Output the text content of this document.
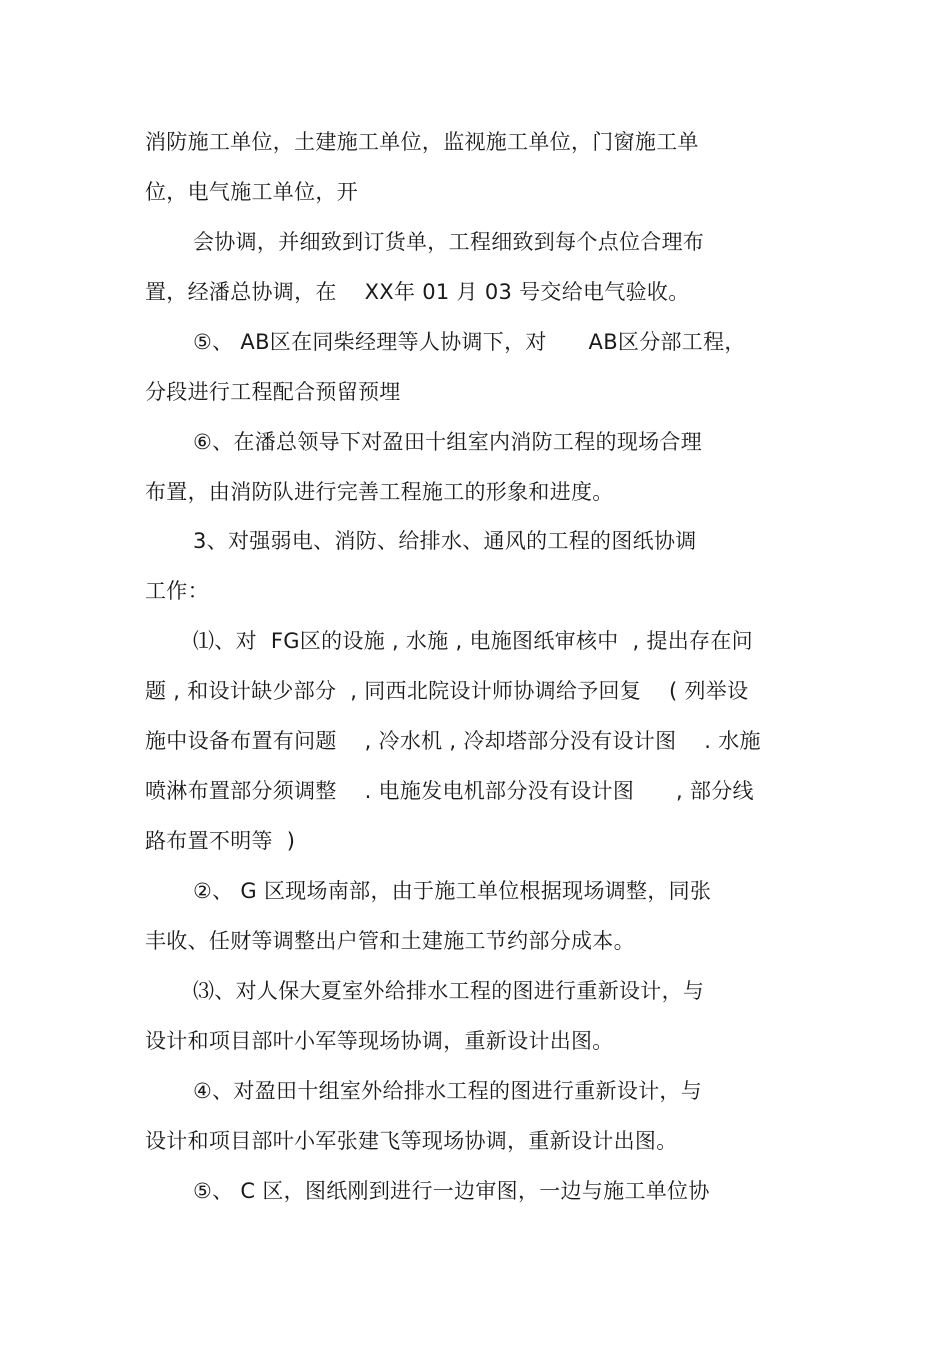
消防施工单位，土建施工单位，监视施工单位，门窗施工单
位，电气施工单位，开
会协调，并细致到订货单，工程细致到每个点位合理布
置，经潘总协调，在    XX年 01 月 03 号交给电气验收。
⑤、 AB区在同柴经理等人协调下，对      AB区分部工程，
分段进行工程配合预留预埋
⑥、在潘总领导下对盈田十组室内消防工程的现场合理
布置，由消防队进行完善工程施工的形象和进度。
3、对强弱电、消防、给排水、通风的工程的图纸协调
工作：
⑴、对  FG区的设施 , 水施 , 电施图纸审核中  , 提出存在问
题 , 和设计缺少部分  , 同西北院设计师协调给予回复    ( 列举设
施中设备布置有问题    , 冷水机 , 冷却塔部分没有设计图    . 水施
喷淋布置部分须调整    . 电施发电机部分没有设计图      , 部分线
路布置不明等  )
②、 G 区现场南部，由于施工单位根据现场调整，同张
丰收、任财等调整出户管和土建施工节约部分成本。
⑶、对人保大夏室外给排水工程的图进行重新设计，与
设计和项目部叶小军等现场协调，重新设计出图。
④、对盈田十组室外给排水工程的图进行重新设计，与
设计和项目部叶小军张建飞等现场协调，重新设计出图。
⑤、 C 区，图纸刚到进行一边审图，一边与施工单位协
